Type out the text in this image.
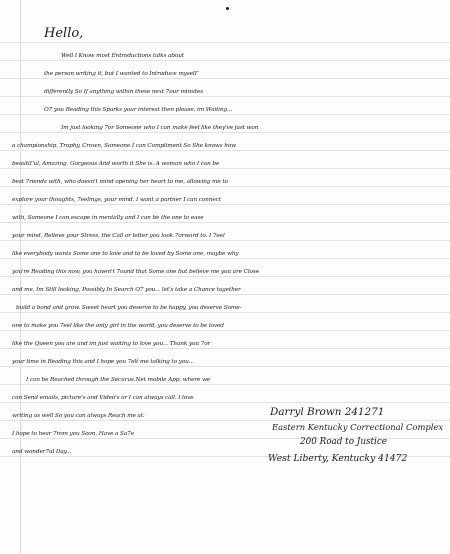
Hello,
Well I Know most Entroductions talks about
the person writing it, but I wanted to Introduce myselΓ
differently So If anything within these next 7our minutes
O7 you Reading this Sparks your interest then please, im Waiting...
Im just looking 7or Someone who I can make feel like they've just won
a championship, Trophy, Crown, Someone I can Compliment So She knows how
beautiΓul, Amazing, Gorgeous And worth it She is. A woman who I can be
best 7riends with, who doesn't mind opening her heart to me, allowing me to
explore your thoughts, 7eelings, your mind. I want a partner I can connect
with, Someone I can escape in mentally and I can be the one to ease
your mind, Relieve your Stress, the Call or letter you look 7orward to. I 7eel
like everybody wants Some one to love and to be loved by Some one, maybe why
you're Reading this now, you haven't 7ound that Some one but believe me you are Close
and me, Im Still looking, Possibly In Search O7 you... let's take a Chance together
build a bond and grow. Sweet heart you deserve to be happy, you deserve Some-
one to make you 7eel like the only girl in the world, you deserve to be loved
like the Queen you are and im just waiting to love you... Thank you 7or
your time in Reading this and I hope you 7elt me talking to you...
I can be Reached through the Securus.Net mobile App, where we
can Send emails, picture's and Video's or I can always call. I love
writing as well So you can always Reach me at:
I hope to hear 7rom you Soon, Have a Sa7e
and wonder7ul Day...
Darryl Brown 241271
Eastern Kentucky Correctional Complex
200 Road to Justice
West Liberty, Kentucky 41472
